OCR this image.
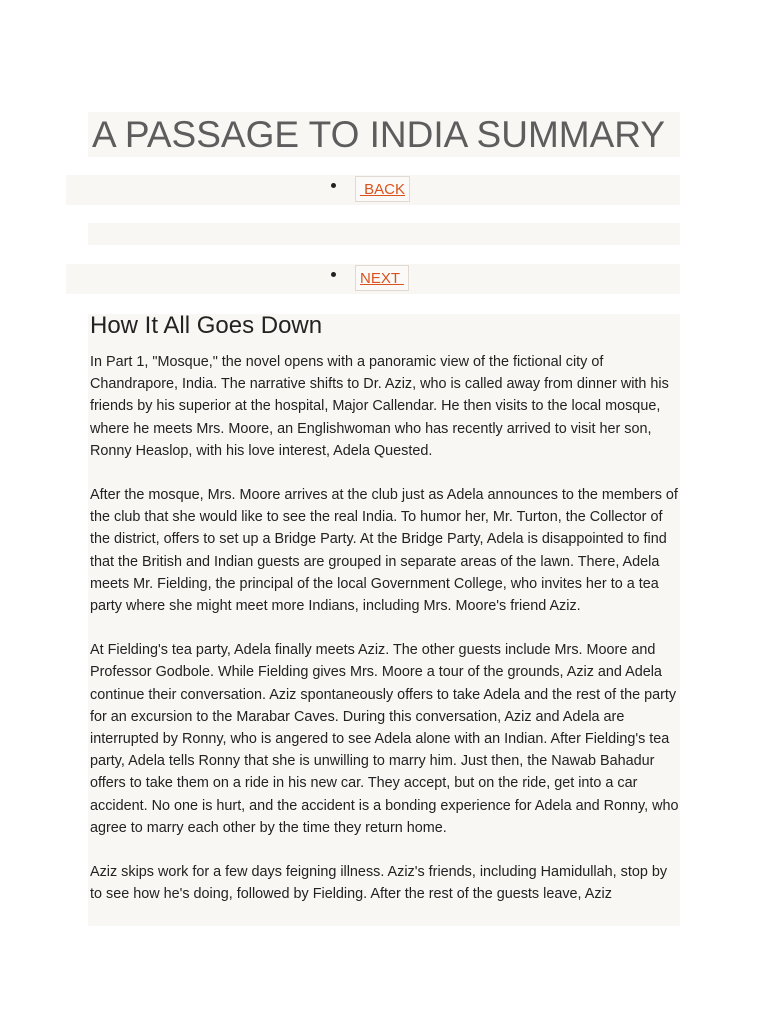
A PASSAGE TO INDIA SUMMARY
BACK
NEXT
How It All Goes Down

In Part 1, "Mosque," the novel opens with a panoramic view of the fictional city of Chandrapore, India. The narrative shifts to Dr. Aziz, who is called away from dinner with his friends by his superior at the hospital, Major Callendar. He then visits to the local mosque, where he meets Mrs. Moore, an Englishwoman who has recently arrived to visit her son, Ronny Heaslop, with his love interest, Adela Quested.

After the mosque, Mrs. Moore arrives at the club just as Adela announces to the members of the club that she would like to see the real India. To humor her, Mr. Turton, the Collector of the district, offers to set up a Bridge Party. At the Bridge Party, Adela is disappointed to find that the British and Indian guests are grouped in separate areas of the lawn. There, Adela meets Mr. Fielding, the principal of the local Government College, who invites her to a tea party where she might meet more Indians, including Mrs. Moore's friend Aziz.

At Fielding's tea party, Adela finally meets Aziz. The other guests include Mrs. Moore and Professor Godbole. While Fielding gives Mrs. Moore a tour of the grounds, Aziz and Adela continue their conversation. Aziz spontaneously offers to take Adela and the rest of the party for an excursion to the Marabar Caves. During this conversation, Aziz and Adela are interrupted by Ronny, who is angered to see Adela alone with an Indian. After Fielding's tea party, Adela tells Ronny that she is unwilling to marry him. Just then, the Nawab Bahadur offers to take them on a ride in his new car. They accept, but on the ride, get into a car accident. No one is hurt, and the accident is a bonding experience for Adela and Ronny, who agree to marry each other by the time they return home.

Aziz skips work for a few days feigning illness. Aziz's friends, including Hamidullah, stop by to see how he's doing, followed by Fielding. After the rest of the guests leave, Aziz
